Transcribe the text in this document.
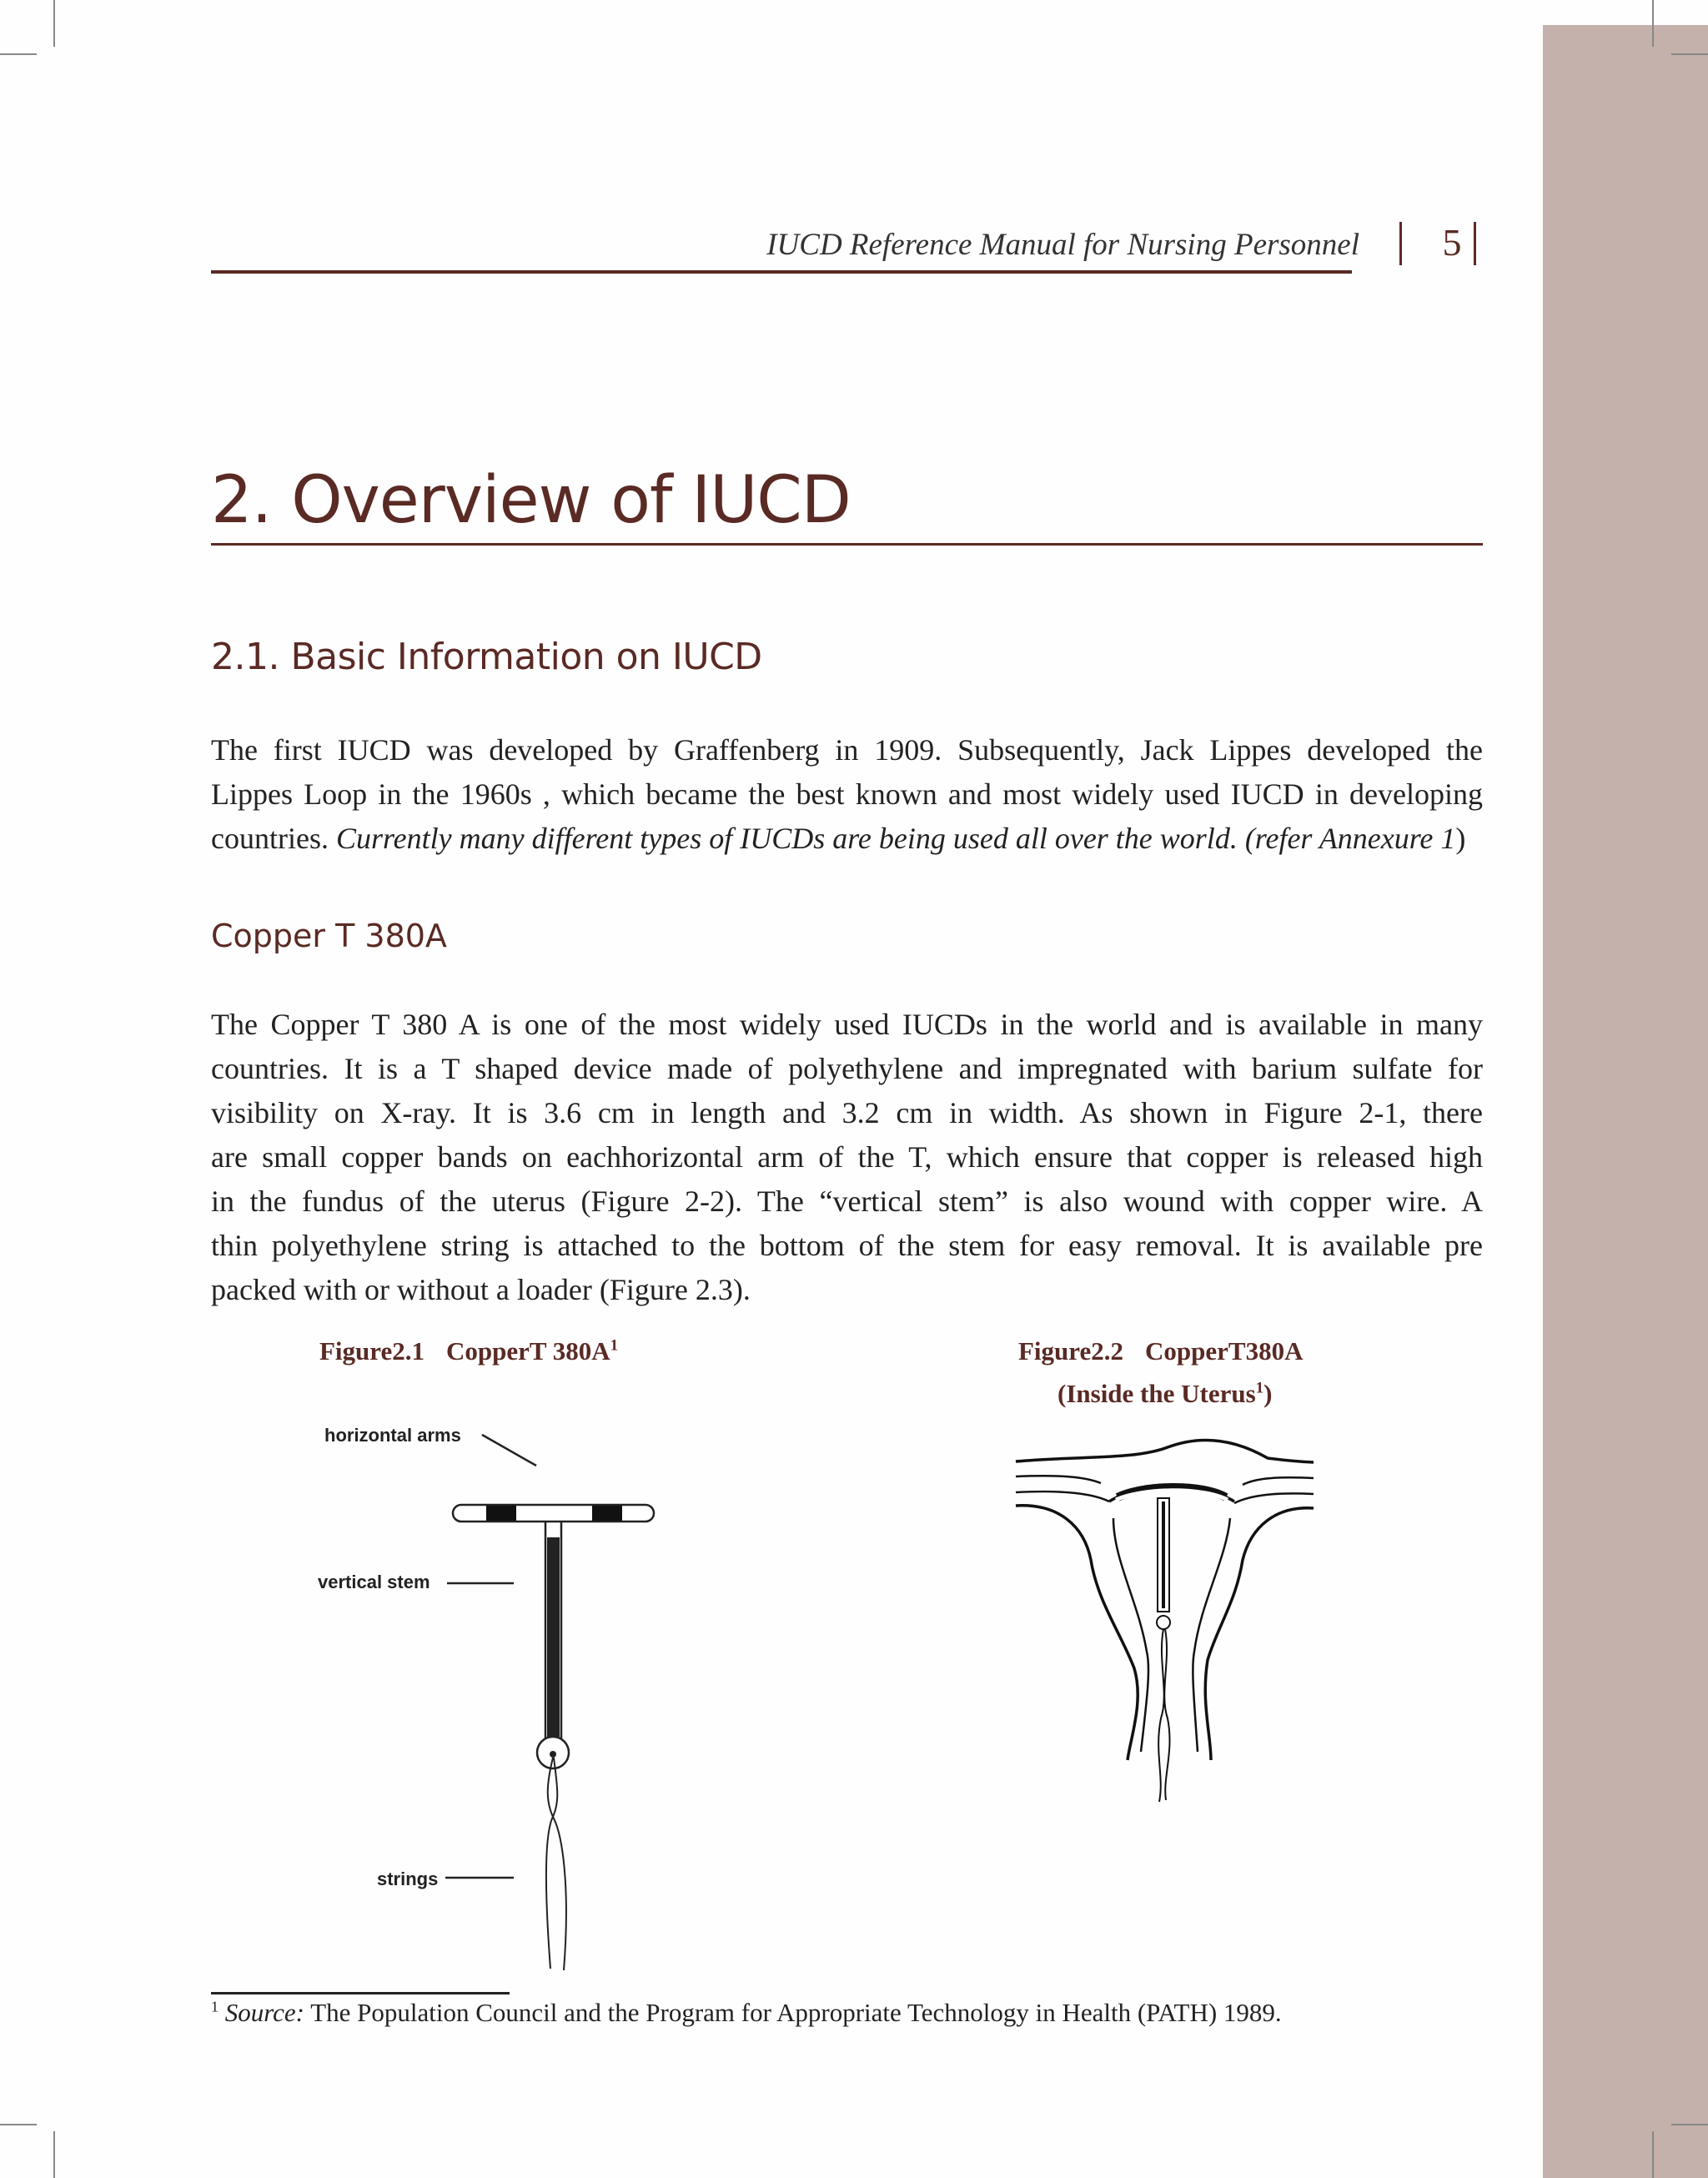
IUCD Reference Manual for Nursing Personnel	5
2. Overview of IUCD
2.1. Basic Information on IUCD

The first IUCD was developed by Graffenberg in 1909. Subsequently, Jack Lippes developed the
Lippes Loop in the 1960s , which became the best known and most widely used IUCD in developing
countries. Currently many different types of IUCDs are being used all over the world. (refer Annexure 1)

Copper T 380A

The Copper T 380 A is one of the most widely used IUCDs in the world and is available in many
countries. It is a T shaped device made of polyethylene and impregnated with barium sulfate for
visibility on X-ray. It is 3.6 cm in length and 3.2 cm in width. As shown in Figure 2-1, there
are small copper bands on eachhorizontal arm of the T, which ensure that copper is released high
in the fundus of the uterus (Figure 2-2). The “vertical stem” is also wound with copper wire. A
thin polyethylene string is attached to the bottom of the stem for easy removal. It is available pre
packed with or without a loader (Figure 2.3).

Figure2.1 CopperT $380A^1$	Figure2.2 CopperT380A
(Inside the Uterus$^1$)
horizontal arms
vertical stem
strings
$^1$ Source: The Population Council and the Program for Appropriate Technology in Health (PATH) 1989.
